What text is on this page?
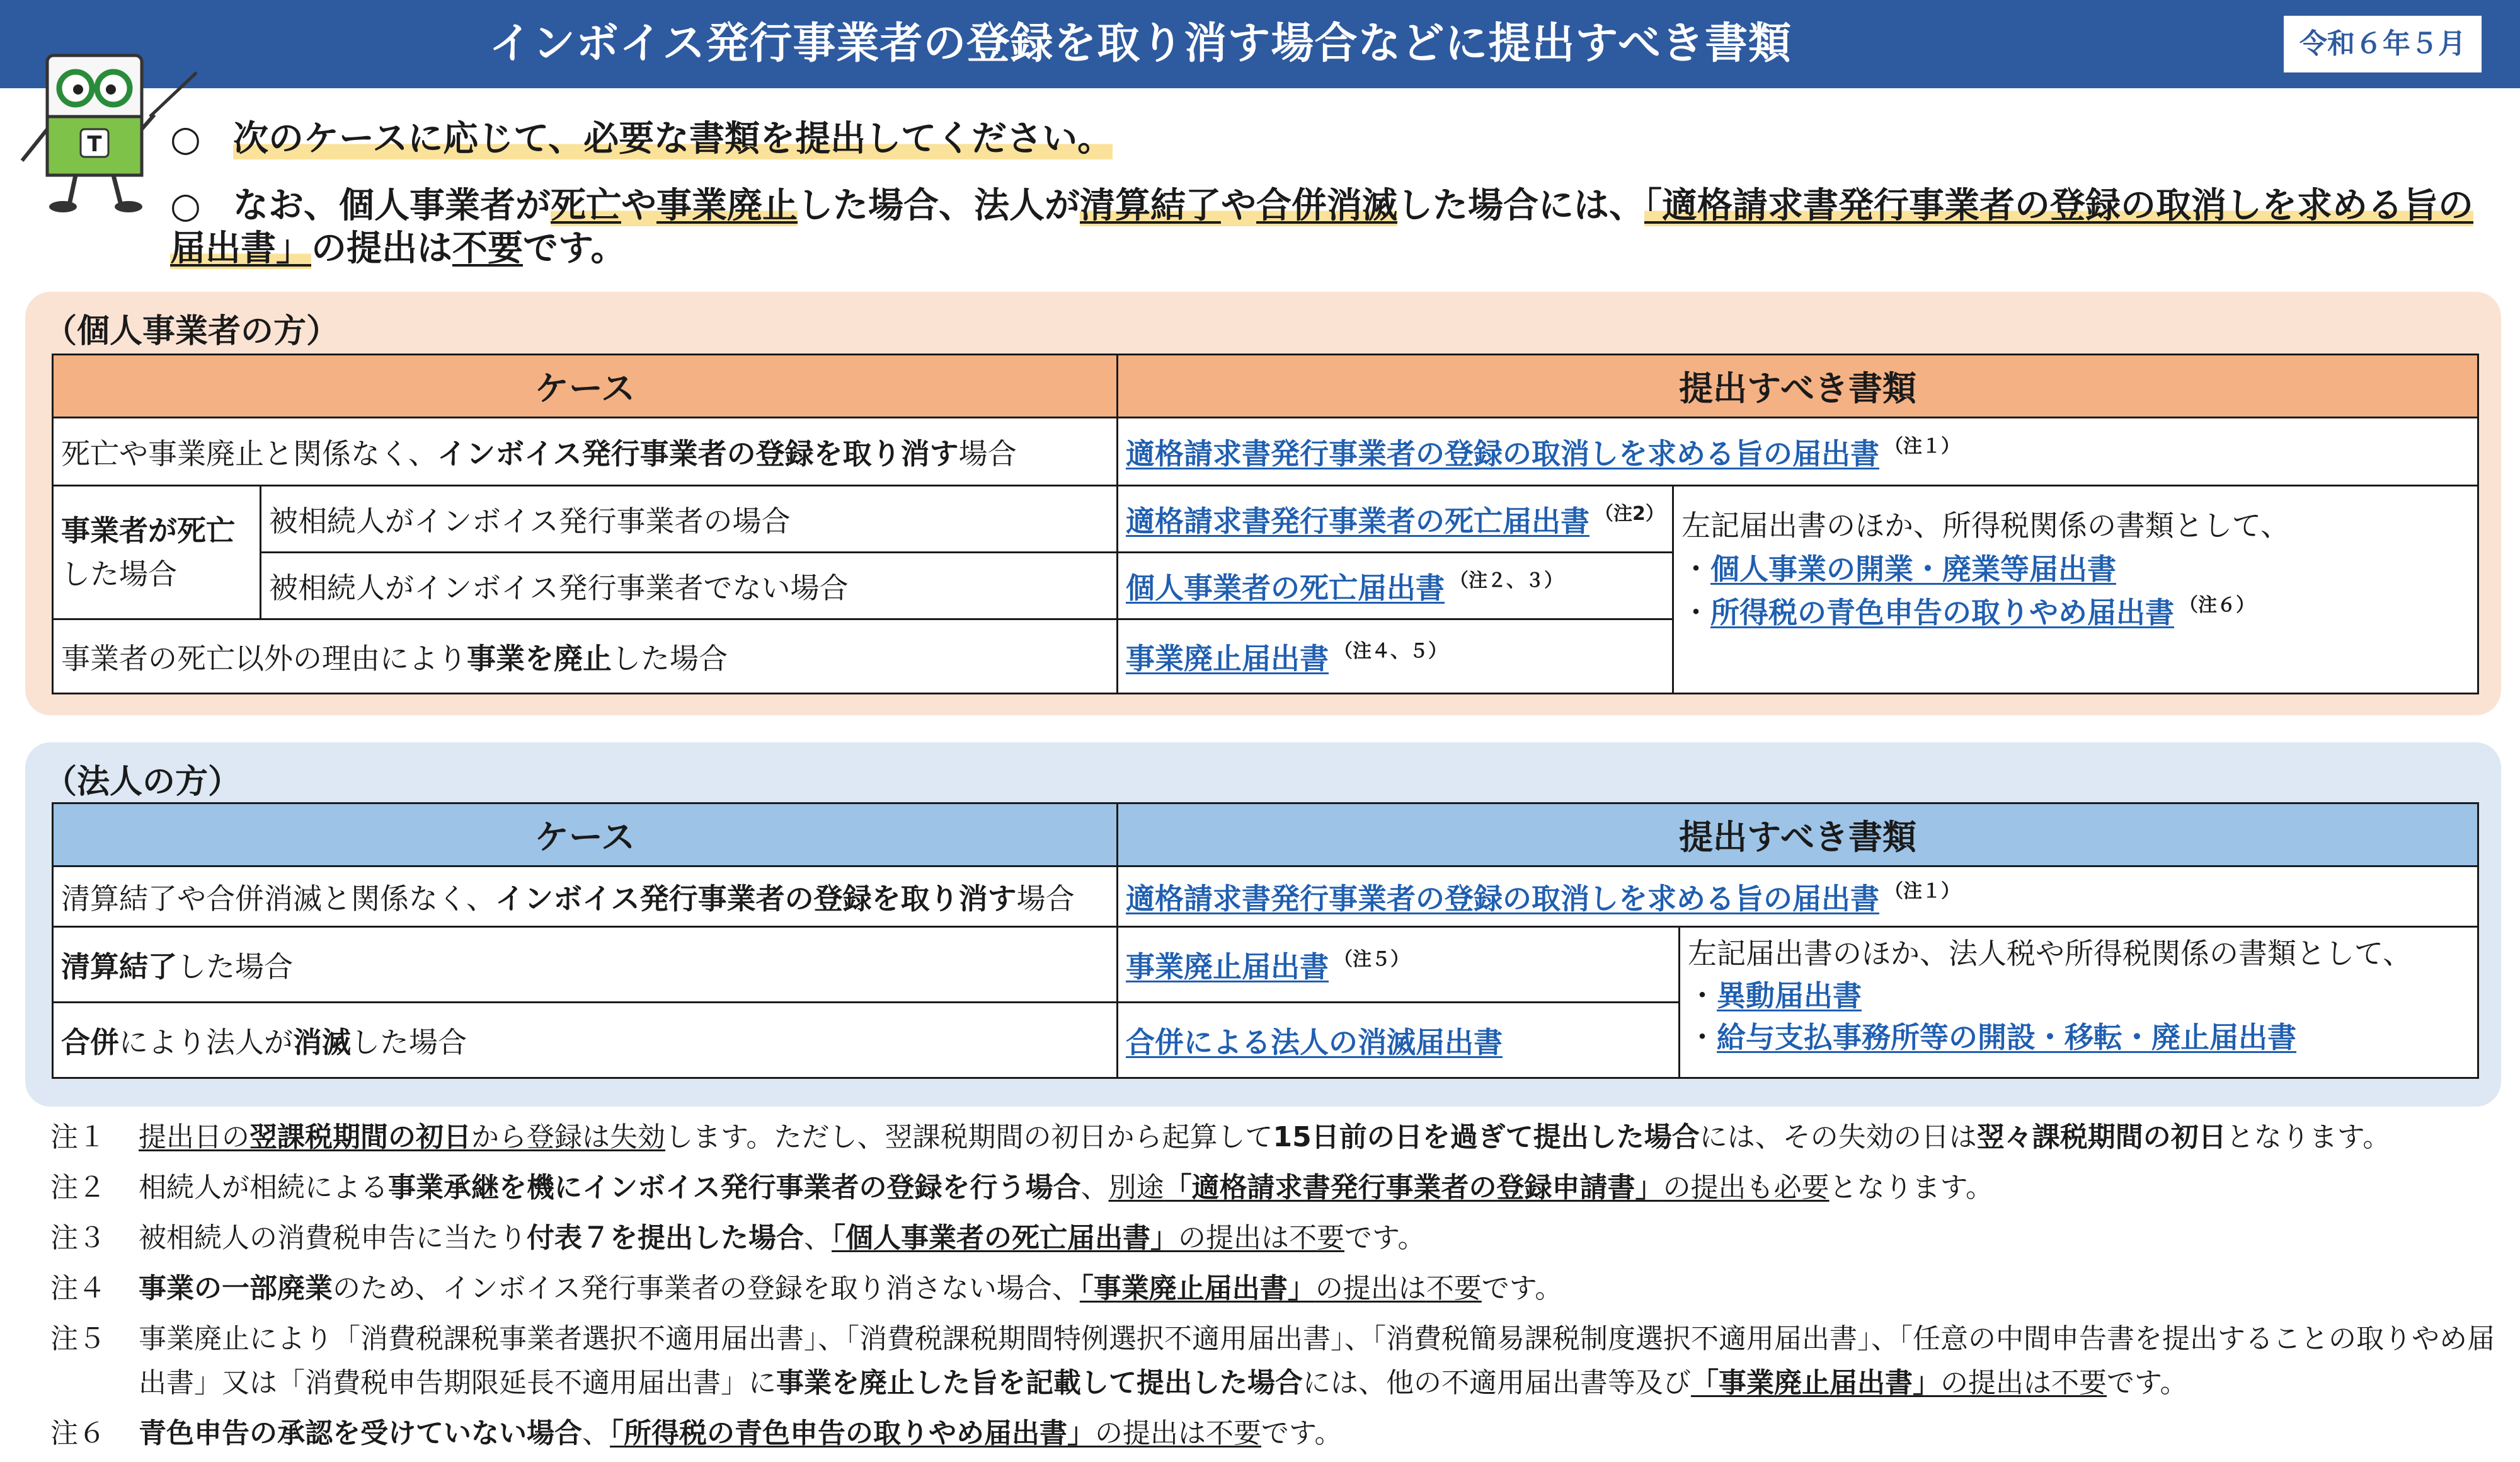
インボイス発行事業者の登録を取り消す場合などに提出すべき書類	令和６年５月
T ○ 次のケースに応じて、必要な書類を提出してください。
○ なお、個人事業者が死亡や事業廃止した場合、法人が清算結了や合併消滅した場合には、「適格請求書発行事業者の登録の取消しを求める旨の届出書」の提出は不要です。
（個人事業者の方）
ケース		提出すべき書類	
死亡や事業廃止と関係なく、インボイス発行事業者の登録を取り消す場合		適格請求書発行事業者の登録の取消しを求める旨の届出書 $^{(注1)}$
事業者が死亡
した場合	被相続人がインボイス発行事業者の場合	適格請求書発行事業者の死亡届出書 $^{(注2)}$	左記届出書のほか、所得税関係の書類として、
・個人事業の開業・廃業等届出書
・所得税の青色申告の取りやめ届出書 $^{(注6)}$

	被相続人がインボイス発行事業者でない場合	個人事業者の死亡届出書 $^{(注2、3)}$
事業者の死亡以外の理由により事業を廃止した場合		事業廃止届出書 $^{(注4、5)}$
（法人の方）
ケース	提出すべき書類	
清算結了や合併消滅と関係なく、インボイス発行事業者の登録を取り消す場合	適格請求書発行事業者の登録の取消しを求める旨の届出書 $^{(注1)}$
清算結了した場合	事業廃止届出書 $^{(注5)}$	左記届出書のほか、法人税や所得税関係の書類として、
・異動届出書
・給与支払事務所等の開設・移転・廃止届出書

合併により法人が消滅した場合	合併による法人の消滅届出書	
注１	提出日の翌課税期間の初日から登録は失効します。ただし、翌課税期間の初日から起算して15日前の日を過ぎて提出した場合には、その失効の日は翌々課税期間の初日となります。
注２	相続人が相続による事業承継を機にインボイス発行事業者の登録を行う場合、別途「適格請求書発行事業者の登録申請書」の提出も必要となります。
注３	被相続人の消費税申告に当たり付表７を提出した場合、「個人事業者の死亡届出書」の提出は不要です。
注４	事業の一部廃業のため、インボイス発行事業者の登録を取り消さない場合、「事業廃止届出書」の提出は不要です。
注５	事業廃止により「消費税課税事業者選択不適用届出書」、「消費税課税期間特例選択不適用届出書」、「消費税簡易課税制度選択不適用届出書」、「任意の中間申告書を提出することの取りやめ届出書」又は「消費税申告期限延長不適用届出書」に事業を廃止した旨を記載して提出した場合には、他の不適用届出書等及び「事業廃止届出書」の提出は不要です。
注６	青色申告の承認を受けていない場合、「所得税の青色申告の取りやめ届出書」の提出は不要です。
